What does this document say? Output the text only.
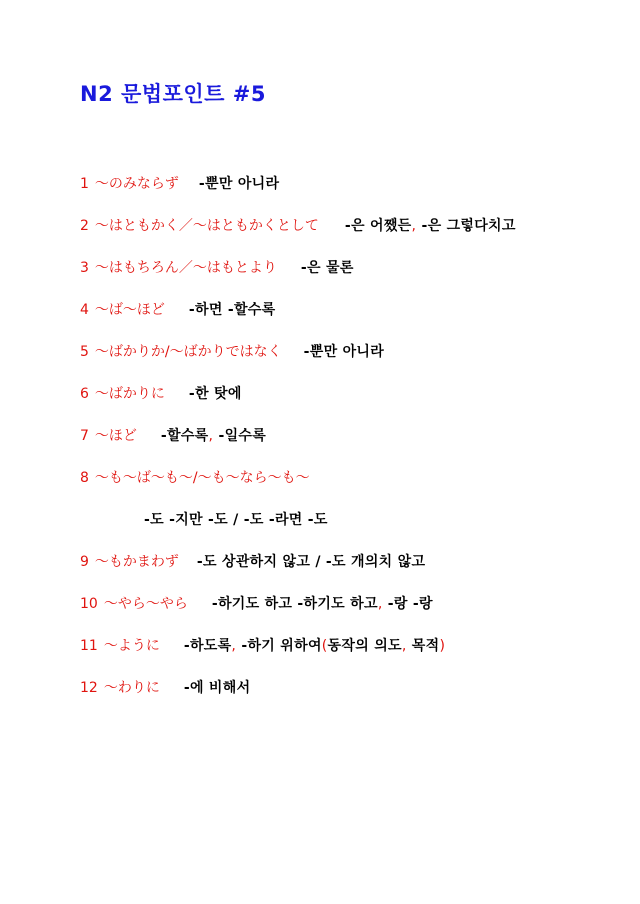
N2 문법포인트 #5
1 ～のみならず -뿐만 아니라
2 ～はともかく／～はともかくとして -은 어쨌든, -은 그렇다치고
3 ～はもちろん／～はもとより -은 물론
4 ～ば～ほど -하면 -할수록
5 ～ばかりか/～ばかりではなく -뿐만 아니라
6 ～ばかりに -한 탓에
7 ～ほど -할수록, -일수록
8 ～も～ば～も～/～も～なら～も～
-도 -지만 -도 / -도 -라면 -도
9 ～もかまわず -도 상관하지 않고 / -도 개의치 않고
10 ～やら～やら -하기도 하고 -하기도 하고, -랑 -랑
11 ～ように -하도록, -하기 위하여(동작의 의도, 목적)
12 ～わりに -에 비해서
